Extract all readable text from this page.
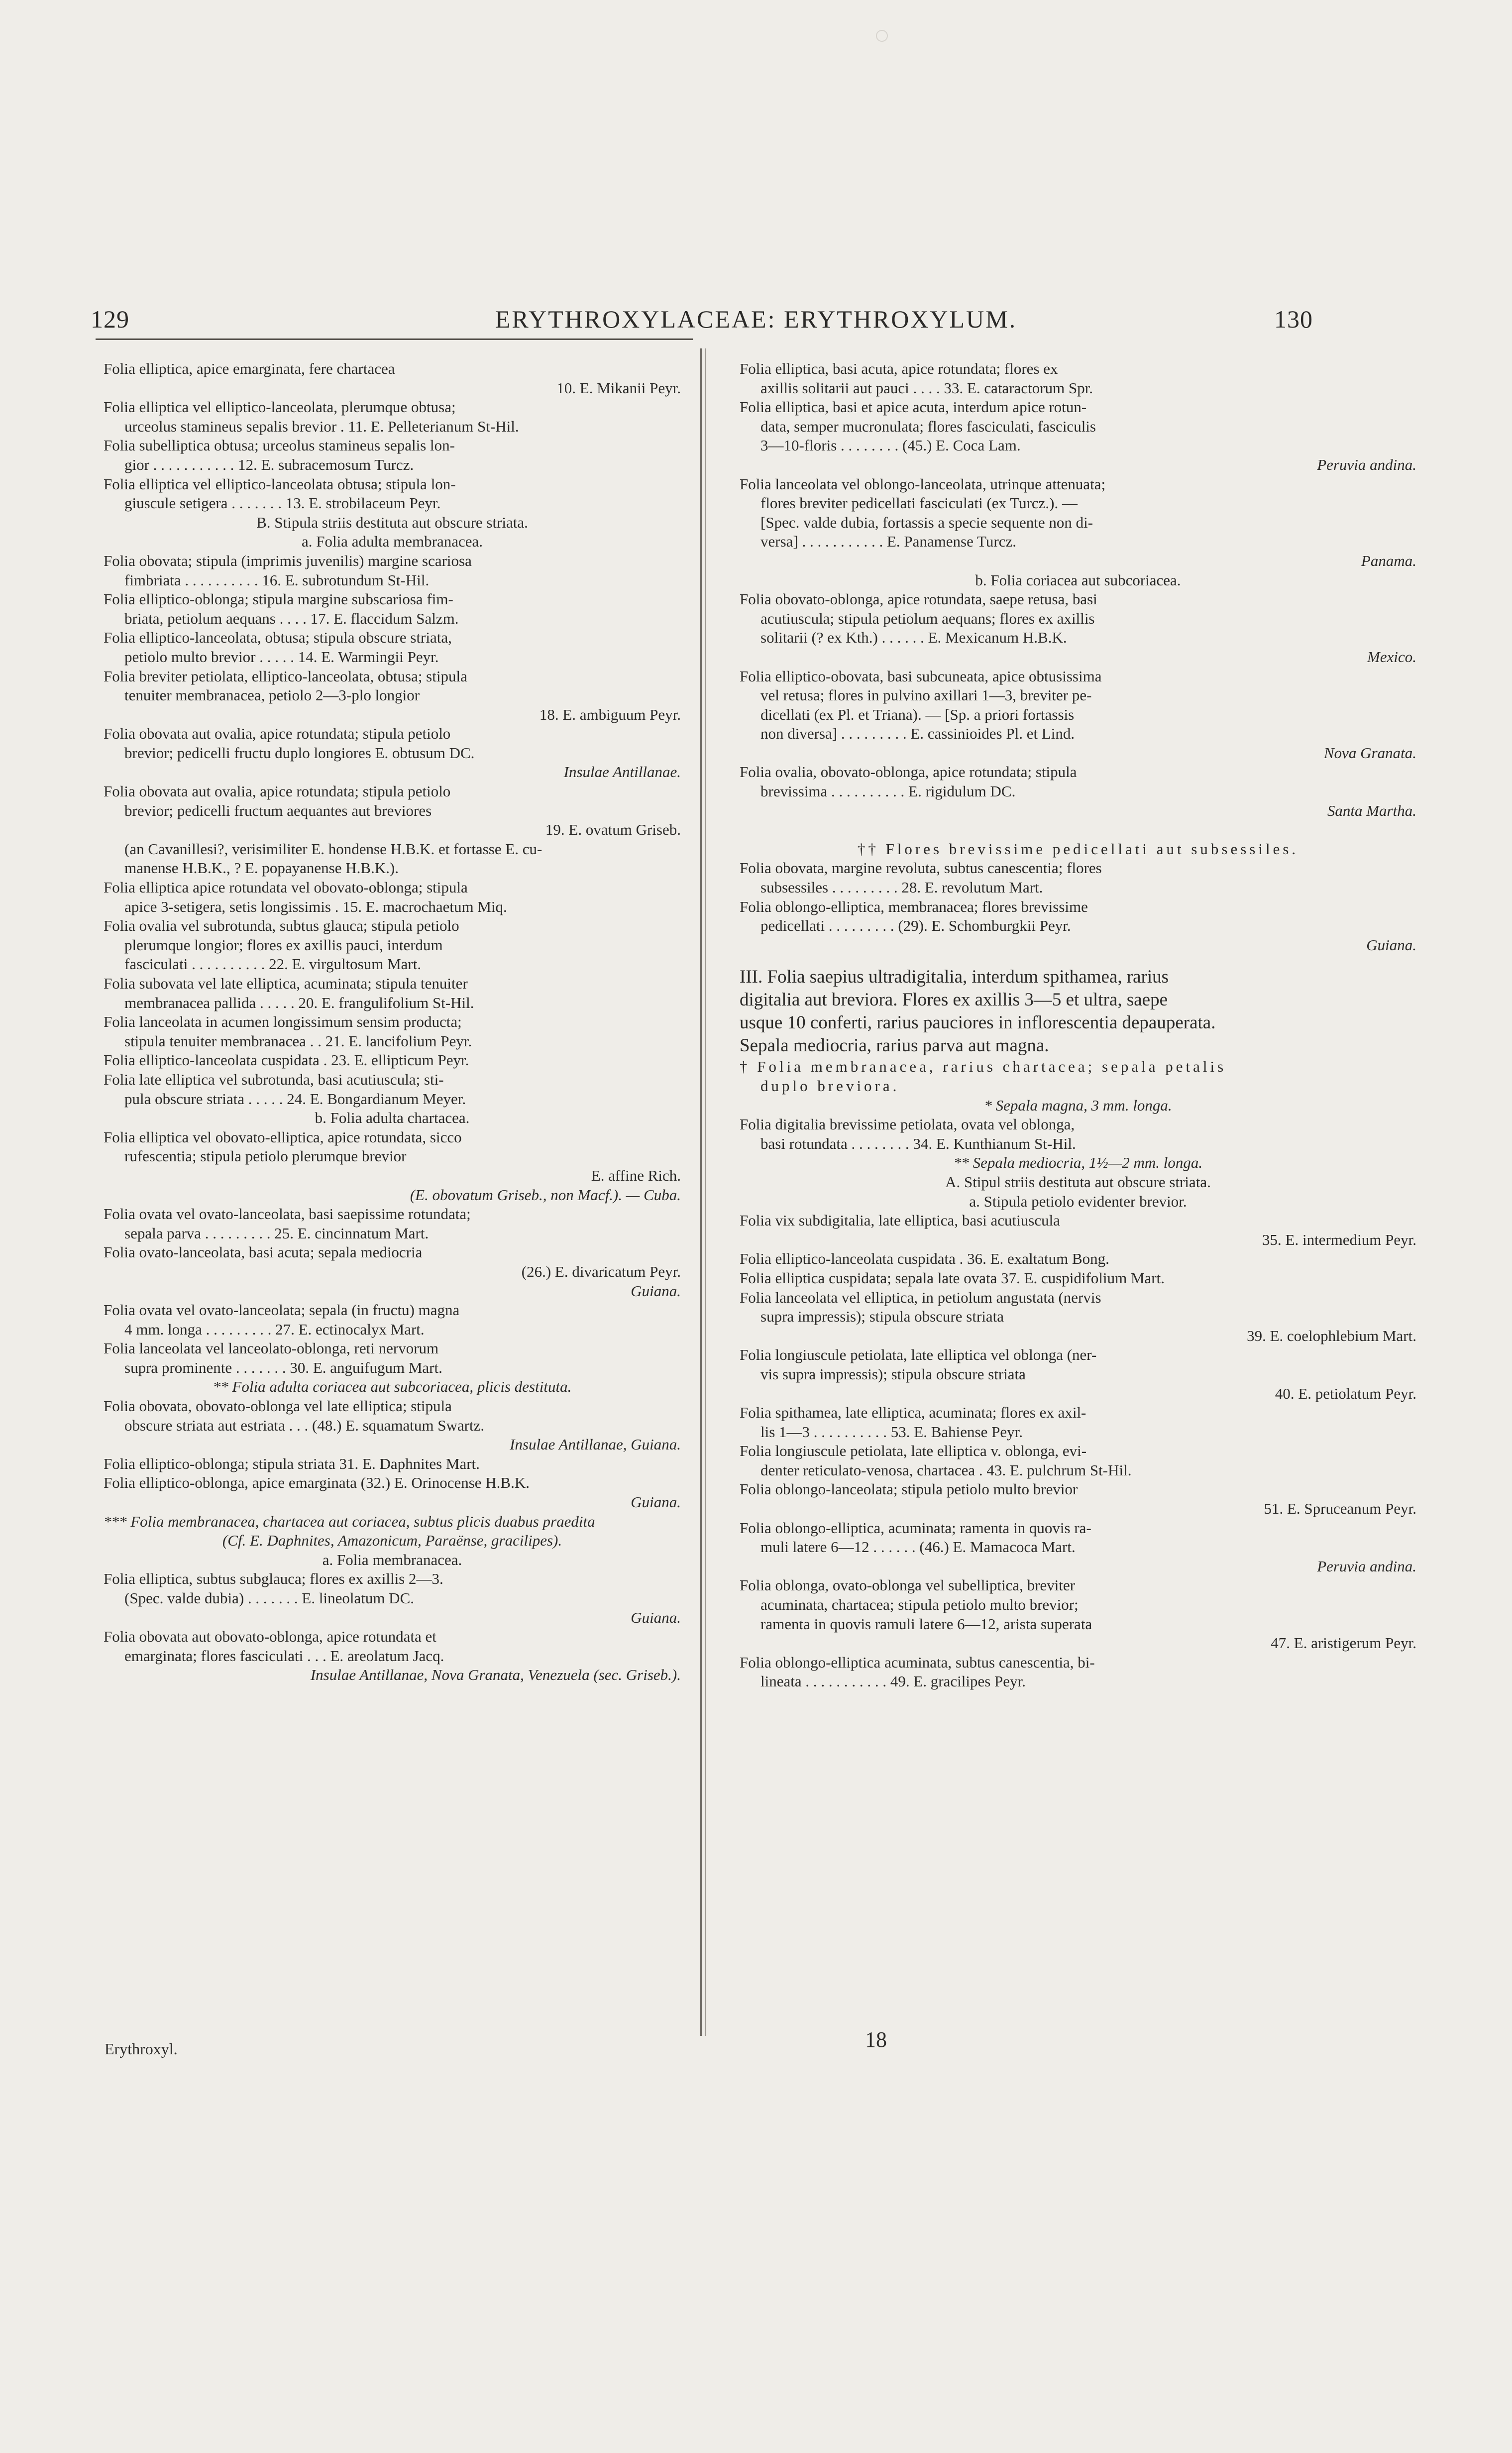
129	ERYTHROXYLACEAE: ERYTHROXYLUM.	130
Folia elliptica, apice emarginata, fere chartacea
10. E. Mikanii Peyr.
Folia elliptica vel elliptico-lanceolata, plerumque obtusa;
urceolus stamineus sepalis brevior . 11. E. Pelleterianum St-Hil.
Folia subelliptica obtusa; urceolus stamineus sepalis lon-
gior . . . . . . . . . . . 12. E. subracemosum Turcz.
Folia elliptica vel elliptico-lanceolata obtusa; stipula lon-
giuscule setigera . . . . . . . 13. E. strobilaceum Peyr.
B. Stipula striis destituta aut obscure striata.
a. Folia adulta membranacea.
Folia obovata; stipula (imprimis juvenilis) margine scariosa
fimbriata . . . . . . . . . . 16. E. subrotundum St-Hil.
Folia elliptico-oblonga; stipula margine subscariosa fim-
briata, petiolum aequans . . . . 17. E. flaccidum Salzm.
Folia elliptico-lanceolata, obtusa; stipula obscure striata,
petiolo multo brevior . . . . . 14. E. Warmingii Peyr.
Folia breviter petiolata, elliptico-lanceolata, obtusa; stipula
tenuiter membranacea, petiolo 2—3-plo longior
18. E. ambiguum Peyr.
Folia obovata aut ovalia, apice rotundata; stipula petiolo
brevior; pedicelli fructu duplo longiores E. obtusum DC.
Insulae Antillanae.
Folia obovata aut ovalia, apice rotundata; stipula petiolo
brevior; pedicelli fructum aequantes aut breviores
19. E. ovatum Griseb.
(an Cavanillesi?, verisimiliter E. hondense H.B.K. et fortasse E. cu-
manense H.B.K., ? E. popayanense H.B.K.).
Folia elliptica apice rotundata vel obovato-oblonga; stipula
apice 3-setigera, setis longissimis . 15. E. macrochaetum Miq.
Folia ovalia vel subrotunda, subtus glauca; stipula petiolo
plerumque longior; flores ex axillis pauci, interdum
fasciculati . . . . . . . . . . 22. E. virgultosum Mart.
Folia subovata vel late elliptica, acuminata; stipula tenuiter
membranacea pallida . . . . . 20. E. frangulifolium St-Hil.
Folia lanceolata in acumen longissimum sensim producta;
stipula tenuiter membranacea . . 21. E. lancifolium Peyr.
Folia elliptico-lanceolata cuspidata . 23. E. ellipticum Peyr.
Folia late elliptica vel subrotunda, basi acutiuscula; sti-
pula obscure striata . . . . . 24. E. Bongardianum Meyer.
b. Folia adulta chartacea.
Folia elliptica vel obovato-elliptica, apice rotundata, sicco
rufescentia; stipula petiolo plerumque brevior
E. affine Rich.
(E. obovatum Griseb., non Macf.). — Cuba.
Folia ovata vel ovato-lanceolata, basi saepissime rotundata;
sepala parva . . . . . . . . . 25. E. cincinnatum Mart.
Folia ovato-lanceolata, basi acuta; sepala mediocria
(26.) E. divaricatum Peyr.
Guiana.
Folia ovata vel ovato-lanceolata; sepala (in fructu) magna
4 mm. longa . . . . . . . . . 27. E. ectinocalyx Mart.
Folia lanceolata vel lanceolato-oblonga, reti nervorum
supra prominente . . . . . . . 30. E. anguifugum Mart.
** Folia adulta coriacea aut subcoriacea, plicis destituta.
Folia obovata, obovato-oblonga vel late elliptica; stipula
obscure striata aut estriata . . . (48.) E. squamatum Swartz.
Insulae Antillanae, Guiana.
Folia elliptico-oblonga; stipula striata 31. E. Daphnites Mart.
Folia elliptico-oblonga, apice emarginata (32.) E. Orinocense H.B.K.
Guiana.
*** Folia membranacea, chartacea aut coriacea, subtus plicis duabus praedita
(Cf. E. Daphnites, Amazonicum, Paraënse, gracilipes).
a. Folia membranacea.
Folia elliptica, subtus subglauca; flores ex axillis 2—3.
(Spec. valde dubia) . . . . . . . E. lineolatum DC.
Guiana.
Folia obovata aut obovato-oblonga, apice rotundata et
emarginata; flores fasciculati . . . E. areolatum Jacq.
Insulae Antillanae, Nova Granata, Venezuela (sec. Griseb.).
Folia elliptica, basi acuta, apice rotundata; flores ex
axillis solitarii aut pauci . . . . 33. E. cataractorum Spr.
Folia elliptica, basi et apice acuta, interdum apice rotun-
data, semper mucronulata; flores fasciculati, fasciculis
3—10-floris . . . . . . . . (45.) E. Coca Lam.
Peruvia andina.
Folia lanceolata vel oblongo-lanceolata, utrinque attenuata;
flores breviter pedicellati fasciculati (ex Turcz.). —
[Spec. valde dubia, fortassis a specie sequente non di-
versa] . . . . . . . . . . . E. Panamense Turcz.
Panama.
b. Folia coriacea aut subcoriacea.
Folia obovato-oblonga, apice rotundata, saepe retusa, basi
acutiuscula; stipula petiolum aequans; flores ex axillis
solitarii (? ex Kth.) . . . . . . E. Mexicanum H.B.K.
Mexico.
Folia elliptico-obovata, basi subcuneata, apice obtusissima
vel retusa; flores in pulvino axillari 1—3, breviter pe-
dicellati (ex Pl. et Triana). — [Sp. a priori fortassis
non diversa] . . . . . . . . . E. cassinioides Pl. et Lind.
Nova Granata.
Folia ovalia, obovato-oblonga, apice rotundata; stipula
brevissima . . . . . . . . . . E. rigidulum DC.
Santa Martha.
†† Flores brevissime pedicellati aut subsessiles.
Folia obovata, margine revoluta, subtus canescentia; flores
subsessiles . . . . . . . . . 28. E. revolutum Mart.
Folia oblongo-elliptica, membranacea; flores brevissime
pedicellati . . . . . . . . . (29). E. Schomburgkii Peyr.
Guiana.
III. Folia saepius ultradigitalia, interdum spithamea, rarius
digitalia aut breviora. Flores ex axillis 3—5 et ultra, saepe
usque 10 conferti, rarius pauciores in inflorescentia depauperata.
Sepala mediocria, rarius parva aut magna.
† Folia membranacea, rarius chartacea; sepala petalis
duplo breviora.
* Sepala magna, 3 mm. longa.
Folia digitalia brevissime petiolata, ovata vel oblonga,
basi rotundata . . . . . . . . 34. E. Kunthianum St-Hil.
** Sepala mediocria, 1½—2 mm. longa.
A. Stipul striis destituta aut obscure striata.
a. Stipula petiolo evidenter brevior.
Folia vix subdigitalia, late elliptica, basi acutiuscula
35. E. intermedium Peyr.
Folia elliptico-lanceolata cuspidata . 36. E. exaltatum Bong.
Folia elliptica cuspidata; sepala late ovata 37. E. cuspidifolium Mart.
Folia lanceolata vel elliptica, in petiolum angustata (nervis
supra impressis); stipula obscure striata
39. E. coelophlebium Mart.
Folia longiuscule petiolata, late elliptica vel oblonga (ner-
vis supra impressis); stipula obscure striata
40. E. petiolatum Peyr.
Folia spithamea, late elliptica, acuminata; flores ex axil-
lis 1—3 . . . . . . . . . . 53. E. Bahiense Peyr.
Folia longiuscule petiolata, late elliptica v. oblonga, evi-
denter reticulato-venosa, chartacea . 43. E. pulchrum St-Hil.
Folia oblongo-lanceolata; stipula petiolo multo brevior
51. E. Spruceanum Peyr.
Folia oblongo-elliptica, acuminata; ramenta in quovis ra-
muli latere 6—12 . . . . . . (46.) E. Mamacoca Mart.
Peruvia andina.
Folia oblonga, ovato-oblonga vel subelliptica, breviter
acuminata, chartacea; stipula petiolo multo brevior;
ramenta in quovis ramuli latere 6—12, arista superata
47. E. aristigerum Peyr.
Folia oblongo-elliptica acuminata, subtus canescentia, bi-
lineata . . . . . . . . . . . 49. E. gracilipes Peyr.
Erythroxyl.	18
